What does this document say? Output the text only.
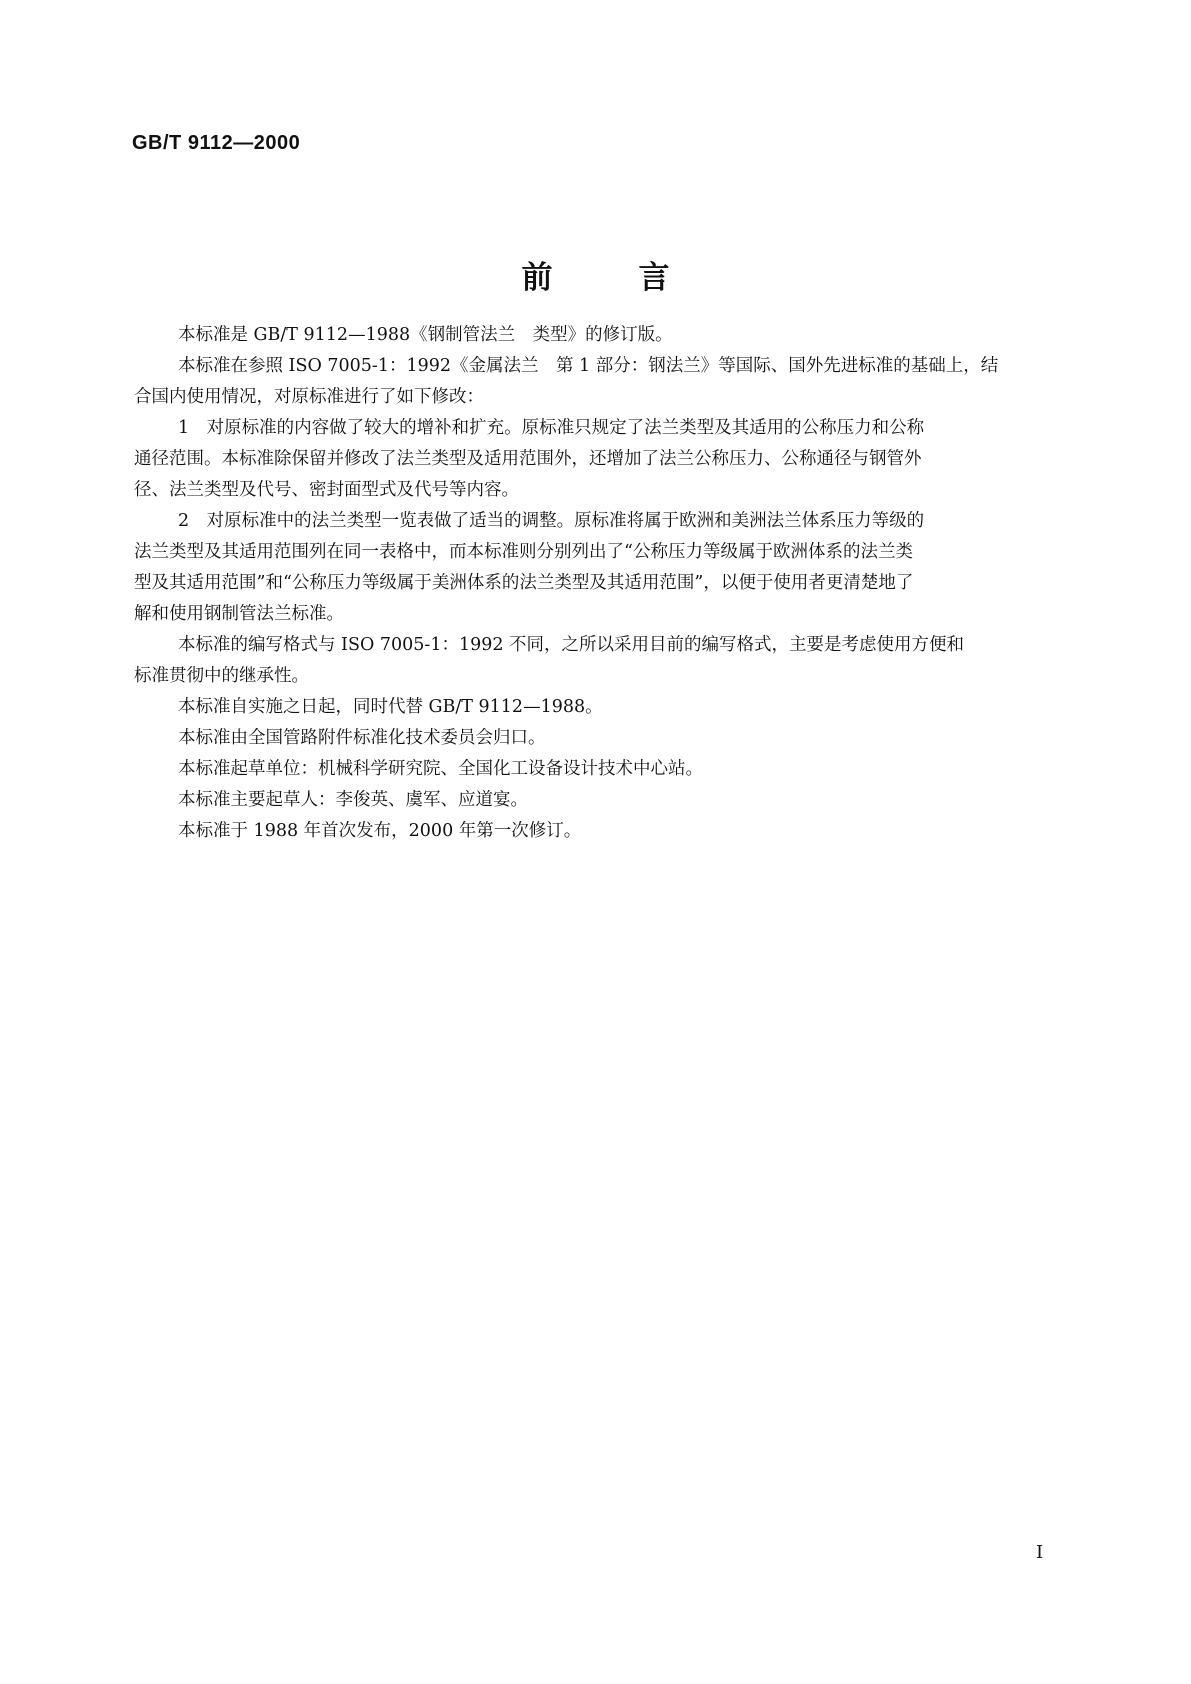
GB/T 9112—2000
前	言

本标准是 GB/T 9112—1988《钢制管法兰　类型》的修订版。

本标准在参照 ISO 7005-1：1992《金属法兰　第 1 部分：钢法兰》等国际、国外先进标准的基础上，结

合国内使用情况，对原标准进行了如下修改：

1　对原标准的内容做了较大的增补和扩充。原标准只规定了法兰类型及其适用的公称压力和公称

通径范围。本标准除保留并修改了法兰类型及适用范围外，还增加了法兰公称压力、公称通径与钢管外

径、法兰类型及代号、密封面型式及代号等内容。

2　对原标准中的法兰类型一览表做了适当的调整。原标准将属于欧洲和美洲法兰体系压力等级的

法兰类型及其适用范围列在同一表格中，而本标准则分别列出了“公称压力等级属于欧洲体系的法兰类

型及其适用范围”和“公称压力等级属于美洲体系的法兰类型及其适用范围”，以便于使用者更清楚地了

解和使用钢制管法兰标准。

本标准的编写格式与 ISO 7005-1：1992 不同，之所以采用目前的编写格式，主要是考虑使用方便和

标准贯彻中的继承性。

本标准自实施之日起，同时代替 GB/T 9112—1988。

本标准由全国管路附件标准化技术委员会归口。

本标准起草单位：机械科学研究院、全国化工设备设计技术中心站。

本标准主要起草人：李俊英、虞军、应道宴。

本标准于 1988 年首次发布，2000 年第一次修订。

I
